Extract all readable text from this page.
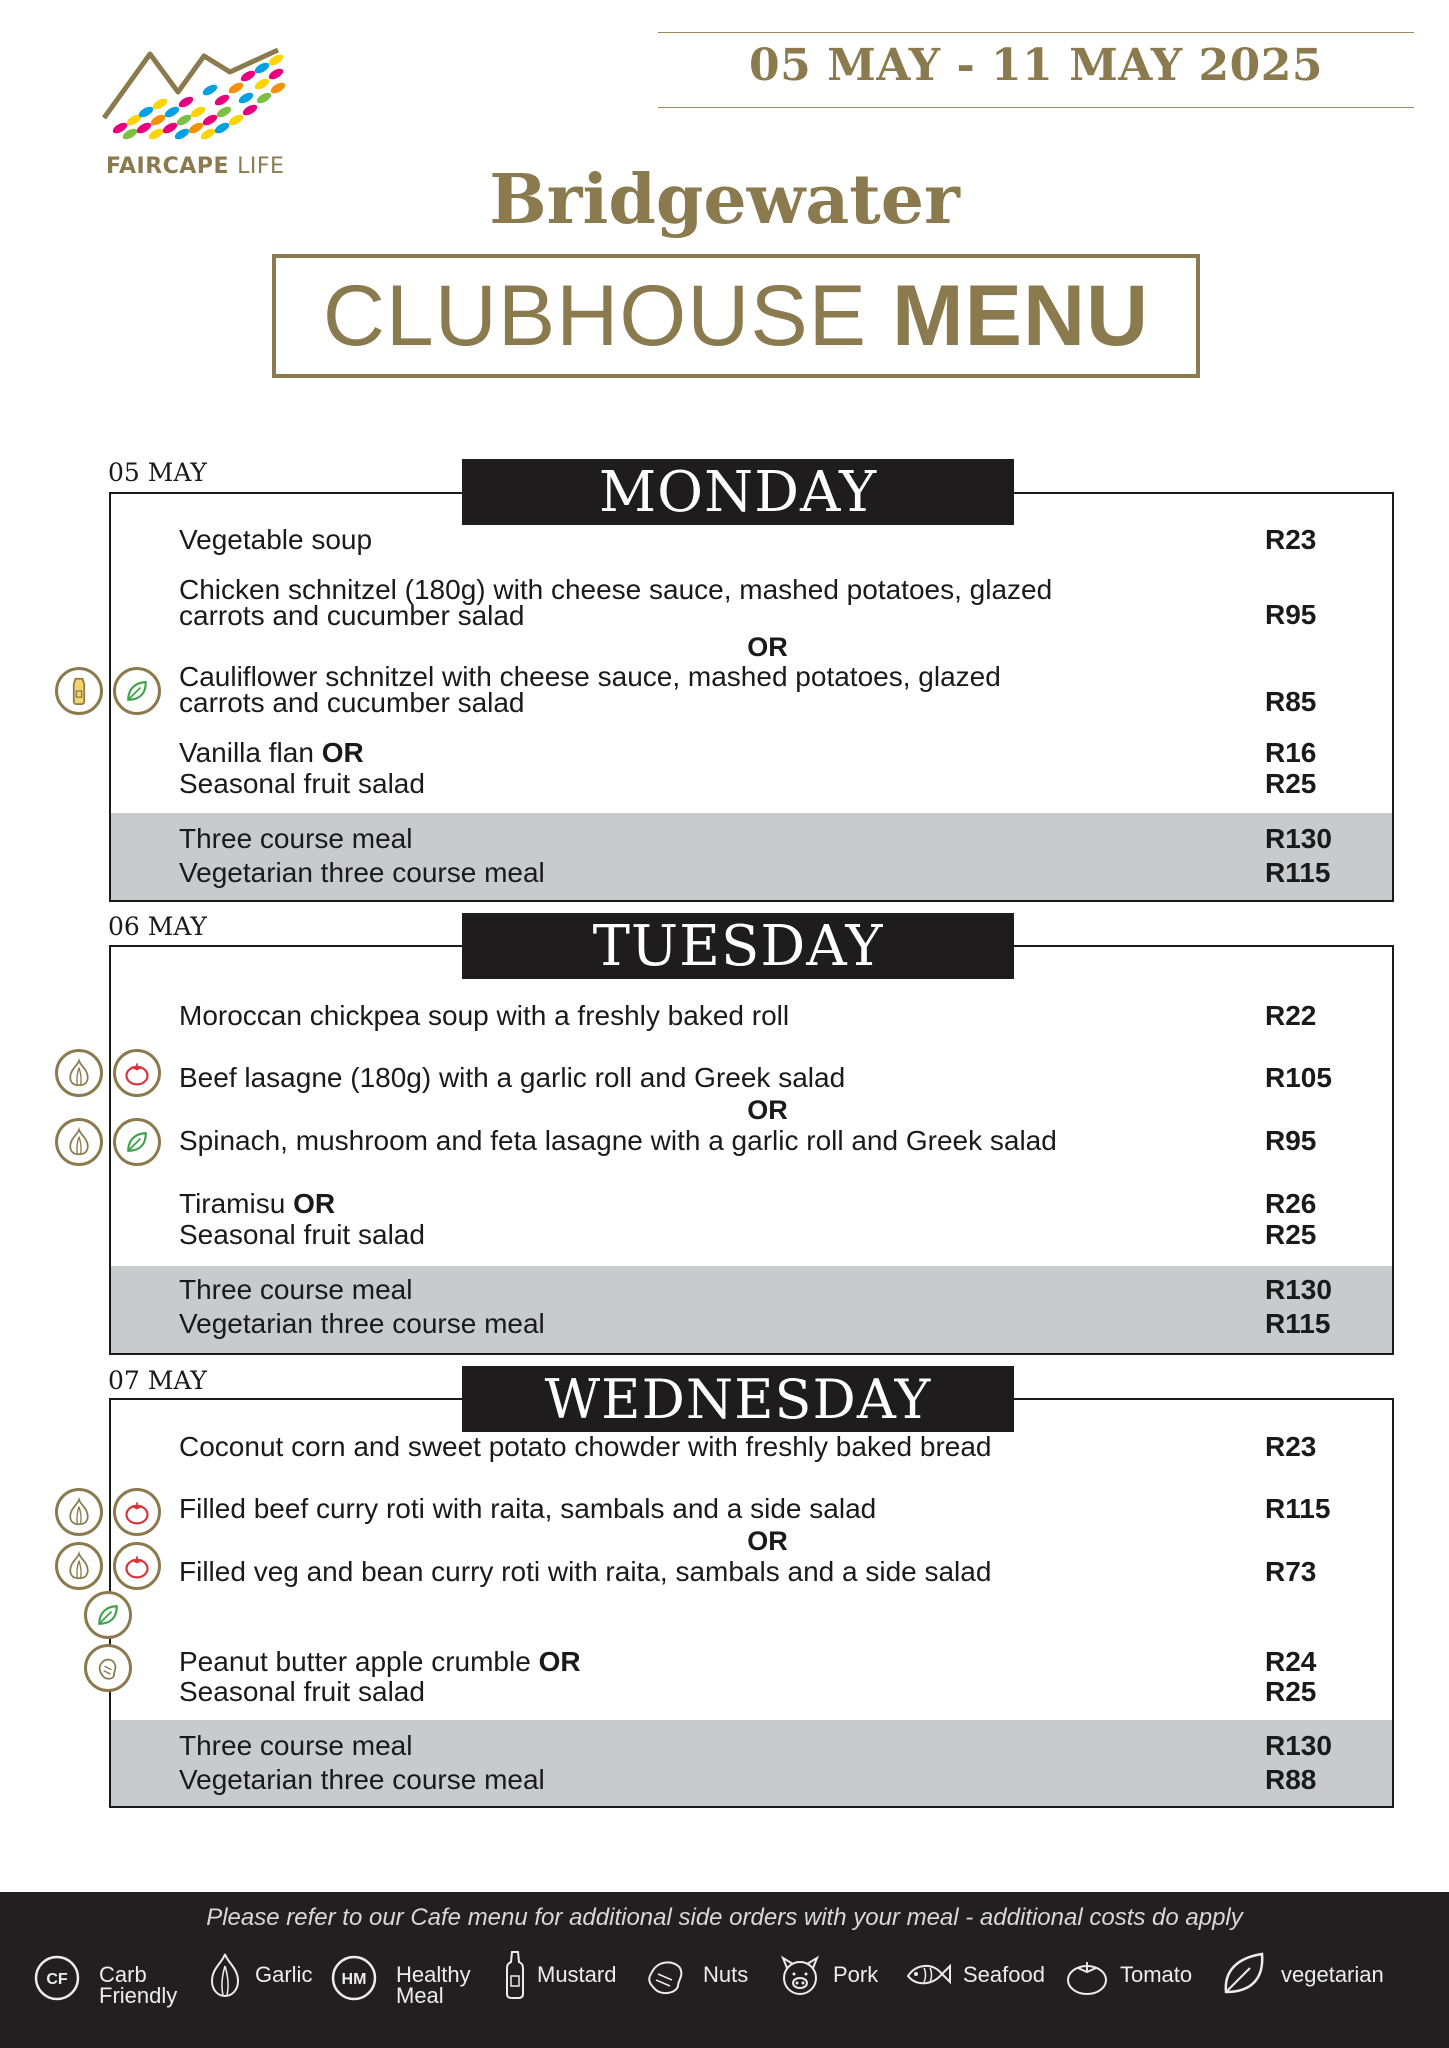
05 MAY - 11 MAY 2025
FAIRCAPE LIFE	Bridgewater
CLUBHOUSE MENU
05 MAY	MONDAY
Vegetable soup	R23
Chicken schnitzel (180g) with cheese sauce, mashed potatoes, glazed
carrots and cucumber salad	R95
OR
Cauliflower schnitzel with cheese sauce, mashed potatoes, glazed
carrots and cucumber salad	R85
Vanilla flan OR	R16
Seasonal fruit salad	R25
Three course meal	R130
Vegetarian three course meal	R115
06 MAY	TUESDAY
Moroccan chickpea soup with a freshly baked roll	R22
Beef lasagne (180g) with a garlic roll and Greek salad	R105
OR
Spinach, mushroom and feta lasagne with a garlic roll and Greek salad	R95
Tiramisu OR	R26
Seasonal fruit salad	R25
Three course meal	R130
Vegetarian three course meal	R115
07 MAY	WEDNESDAY
Coconut corn and sweet potato chowder with freshly baked bread	R23
Filled beef curry roti with raita, sambals and a side salad	R115
OR
Filled veg and bean curry roti with raita, sambals and a side salad	R73
Peanut butter apple crumble OR	R24
Seasonal fruit salad	R25
Three course meal	R130
Vegetarian three course meal	R88
Please refer to our Cafe menu for additional side orders with your meal - additional costs do apply
CF Carb
Friendly
Garlic HM Healthy
Meal
Mustard	Nuts	Pork	Seafood	Tomato	vegetarian
